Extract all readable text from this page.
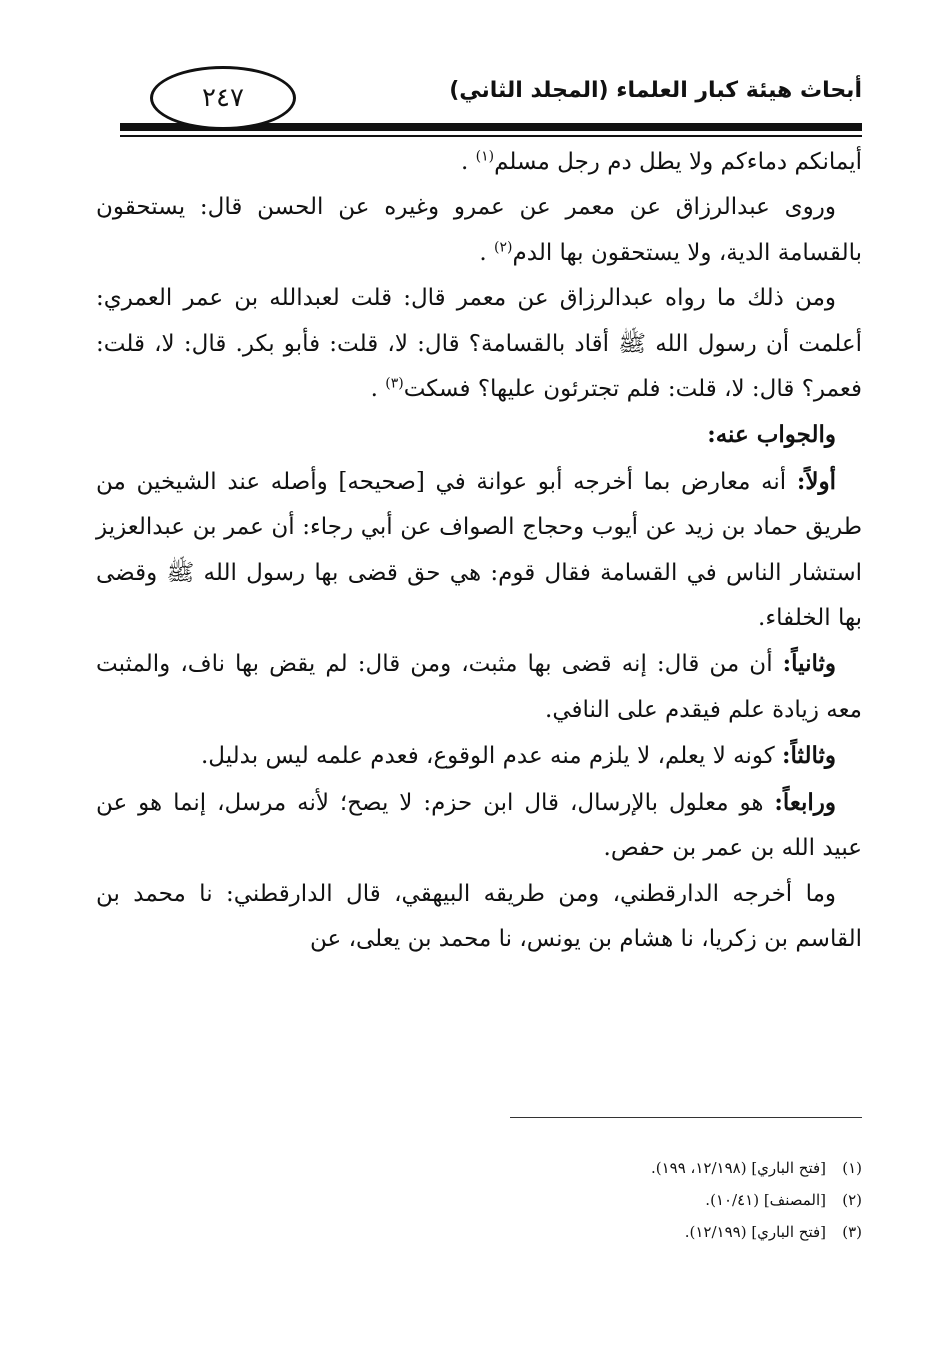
أبحاث هيئة كبار العلماء (المجلد الثاني)
٢٤٧

أيمانكم دماءكم ولا يطل دم رجل مسلم$^{(١)}$ .

وروى عبدالرزاق عن معمر عن عمرو وغيره عن الحسن قال: يستحقون بالقسامة الدية، ولا يستحقون بها الدم$^{(٢)}$ .

ومن ذلك ما رواه عبدالرزاق عن معمر قال: قلت لعبدالله بن عمر العمري: أعلمت أن رسول الله ﷺ أقاد بالقسامة؟ قال: لا، قلت: فأبو بكر. قال: لا، قلت: فعمر؟ قال: لا، قلت: فلم تجترئون عليها؟ فسكت$^{(٣)}$ .

والجواب عنه:

أولاً: أنه معارض بما أخرجه أبو عوانة في [صحيحه] وأصله عند الشيخين من طريق حماد بن زيد عن أيوب وحجاج الصواف عن أبي رجاء: أن عمر بن عبدالعزيز استشار الناس في القسامة فقال قوم: هي حق قضى بها رسول الله ﷺ وقضى بها الخلفاء.

وثانياً: أن من قال: إنه قضى بها مثبت، ومن قال: لم يقض بها ناف، والمثبت معه زيادة علم فيقدم على النافي.

وثالثاً: كونه لا يعلم، لا يلزم منه عدم الوقوع، فعدم علمه ليس بدليل.

ورابعاً: هو معلول بالإرسال، قال ابن حزم: لا يصح؛ لأنه مرسل، إنما هو عن عبيد الله بن عمر بن حفص.

وما أخرجه الدارقطني، ومن طريقه البيهقي، قال الدارقطني: نا محمد بن القاسم بن زكريا، نا هشام بن يونس، نا محمد بن يعلى، عن

(١)[فتح الباري] (١٢/١٩٨، ١٩٩).
(٢)[المصنف] (١٠/٤١).
(٣)[فتح الباري] (١٢/١٩٩).
